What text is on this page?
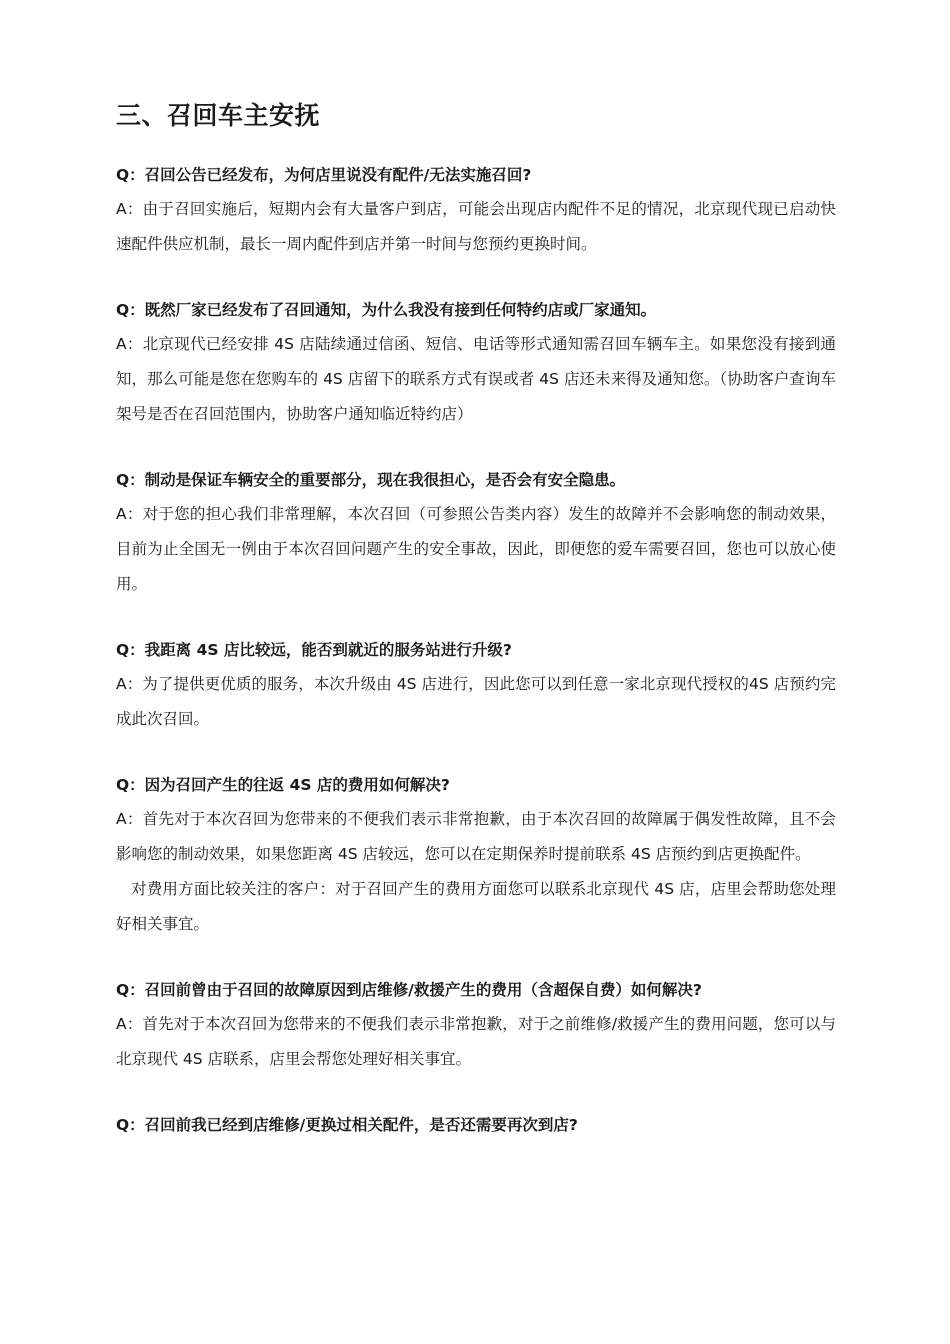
三、召回车主安抚

Q：召回公告已经发布，为何店里说没有配件/无法实施召回?

A：由于召回实施后，短期内会有大量客户到店，可能会出现店内配件不足的情况，北京现代现已启动快速配件供应机制，最长一周内配件到店并第一时间与您预约更换时间。

Q：既然厂家已经发布了召回通知，为什么我没有接到任何特约店或厂家通知。

A：北京现代已经安排 4S 店陆续通过信函、短信、电话等形式通知需召回车辆车主。如果您没有接到通知，那么可能是您在您购车的 4S 店留下的联系方式有误或者 4S 店还未来得及通知您。（协助客户查询车架号是否在召回范围内，协助客户通知临近特约店）

Q：制动是保证车辆安全的重要部分，现在我很担心，是否会有安全隐患。

A：对于您的担心我们非常理解，本次召回（可参照公告类内容）发生的故障并不会影响您的制动效果，目前为止全国无一例由于本次召回问题产生的安全事故，因此，即便您的爱车需要召回，您也可以放心使用。

Q：我距离 4S 店比较远，能否到就近的服务站进行升级?

A：为了提供更优质的服务，本次升级由 4S 店进行，因此您可以到任意一家北京现代授权的4S 店预约完成此次召回。

Q：因为召回产生的往返 4S 店的费用如何解决?

A：首先对于本次召回为您带来的不便我们表示非常抱歉，由于本次召回的故障属于偶发性故障，且不会影响您的制动效果，如果您距离 4S 店较远，您可以在定期保养时提前联系 4S 店预约到店更换配件。

对费用方面比较关注的客户：对于召回产生的费用方面您可以联系北京现代 4S 店，店里会帮助您处理好相关事宜。

Q：召回前曾由于召回的故障原因到店维修/救援产生的费用（含超保自费）如何解决?

A：首先对于本次召回为您带来的不便我们表示非常抱歉，对于之前维修/救援产生的费用问题，您可以与北京现代 4S 店联系，店里会帮您处理好相关事宜。

Q：召回前我已经到店维修/更换过相关配件，是否还需要再次到店?
